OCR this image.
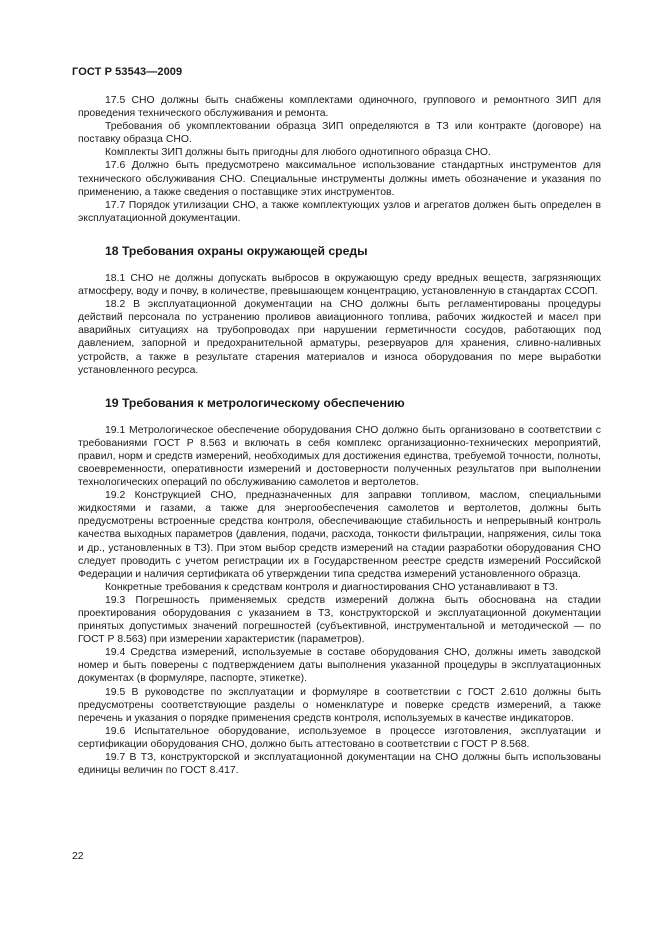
ГОСТ Р 53543—2009

17.5 СНО должны быть снабжены комплектами одиночного, группового и ремонтного ЗИП для проведения технического обслуживания и ремонта.

Требования об укомплектовании образца ЗИП определяются в ТЗ или контракте (договоре) на поставку образца СНО.

Комплекты ЗИП должны быть пригодны для любого однотипного образца СНО.

17.6 Должно быть предусмотрено максимальное использование стандартных инструментов для технического обслуживания СНО. Специальные инструменты должны иметь обозначение и указания по применению, а также сведения о поставщике этих инструментов.

17.7 Порядок утилизации СНО, а также комплектующих узлов и агрегатов должен быть определен в эксплуатационной документации.

18 Требования охраны окружающей среды

18.1 СНО не должны допускать выбросов в окружающую среду вредных веществ, загрязняющих атмосферу, воду и почву, в количестве, превышающем концентрацию, установленную в стандартах ССОП.

18.2 В эксплуатационной документации на СНО должны быть регламентированы процедуры действий персонала по устранению проливов авиационного топлива, рабочих жидкостей и масел при аварийных ситуациях на трубопроводах при нарушении герметичности сосудов, работающих под давлением, запорной и предохранительной арматуры, резервуаров для хранения, сливно-наливных устройств, а также в результате старения материалов и износа оборудования по мере выработки установленного ресурса.

19 Требования к метрологическому обеспечению

19.1 Метрологическое обеспечение оборудования СНО должно быть организовано в соответствии с требованиями ГОСТ Р 8.563 и включать в себя комплекс организационно-технических мероприятий, правил, норм и средств измерений, необходимых для достижения единства, требуемой точности, полноты, своевременности, оперативности измерений и достоверности полученных результатов при выполнении технологических операций по обслуживанию самолетов и вертолетов.

19.2 Конструкцией СНО, предназначенных для заправки топливом, маслом, специальными жидкостями и газами, а также для энергообеспечения самолетов и вертолетов, должны быть предусмотрены встроенные средства контроля, обеспечивающие стабильность и непрерывный контроль качества выходных параметров (давления, подачи, расхода, тонкости фильтрации, напряжения, силы тока и др., установленных в ТЗ). При этом выбор средств измерений на стадии разработки оборудования СНО следует проводить с учетом регистрации их в Государственном реестре средств измерений Российской Федерации и наличия сертификата об утверждении типа средства измерений установленного образца.

Конкретные требования к средствам контроля и диагностирования СНО устанавливают в ТЗ.

19.3 Погрешность применяемых средств измерений должна быть обоснована на стадии проектирования оборудования с указанием в ТЗ, конструкторской и эксплуатационной документации принятых допустимых значений погрешностей (субъективной, инструментальной и методической — по ГОСТ Р 8.563) при измерении характеристик (параметров).

19.4 Средства измерений, используемые в составе оборудования СНО, должны иметь заводской номер и быть поверены с подтверждением даты выполнения указанной процедуры в эксплуатационных документах (в формуляре, паспорте, этикетке).

19.5 В руководстве по эксплуатации и формуляре в соответствии с ГОСТ 2.610 должны быть предусмотрены соответствующие разделы о номенклатуре и поверке средств измерений, а также перечень и указания о порядке применения средств контроля, используемых в качестве индикаторов.

19.6 Испытательное оборудование, используемое в процессе изготовления, эксплуатации и сертификации оборудования СНО, должно быть аттестовано в соответствии с ГОСТ Р 8.568.

19.7 В ТЗ, конструкторской и эксплуатационной документации на СНО должны быть использованы единицы величин по ГОСТ 8.417.

22
